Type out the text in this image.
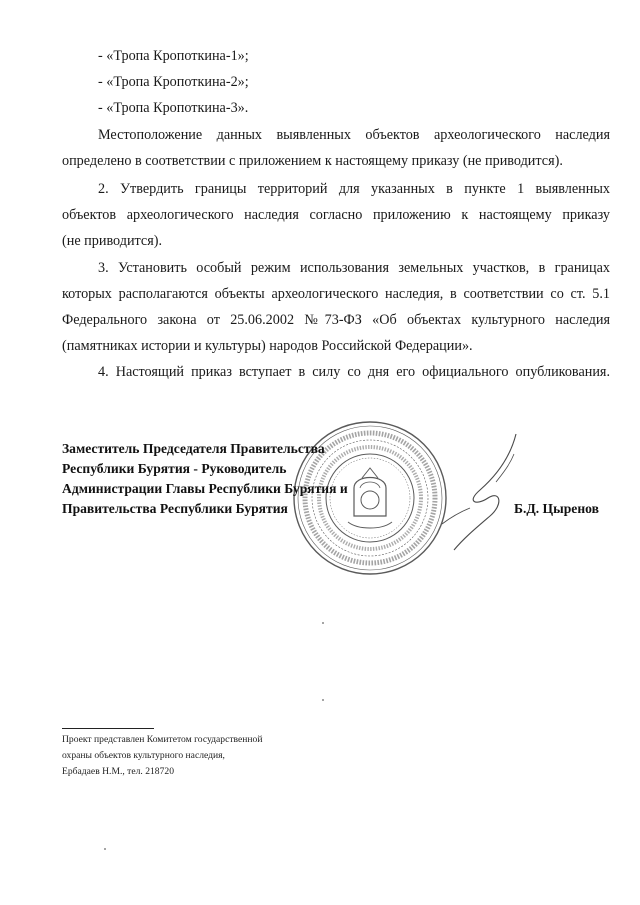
- «Тропа Кропоткина-1»;
- «Тропа Кропоткина-2»;
- «Тропа Кропоткина-3».
Местоположение данных выявленных объектов археологического наследия
определено в соответствии с приложением к настоящему приказу (не приводится).
2. Утвердить границы территорий для указанных в пункте 1 выявленных
объектов археологического наследия согласно приложению к настоящему приказу
(не приводится).
3. Установить особый режим использования земельных участков, в границах
которых располагаются объекты археологического наследия, в соответствии со ст. 5.1
Федерального закона от 25.06.2002 №73-ФЗ «Об объектах культурного наследия
(памятниках истории и культуры) народов Российской Федерации».
4. Настоящий приказ вступает в силу со дня его официального опубликования.
Заместитель Председателя Правительства
Республики Бурятия - Руководитель
Администрации Главы Республики Бурятия и
Правительства Республики Бурятия	Б.Д. Цыренов
Проект представлен Комитетом государственной
охраны объектов культурного наследия,
Ербадаев Н.М., тел. 218720
